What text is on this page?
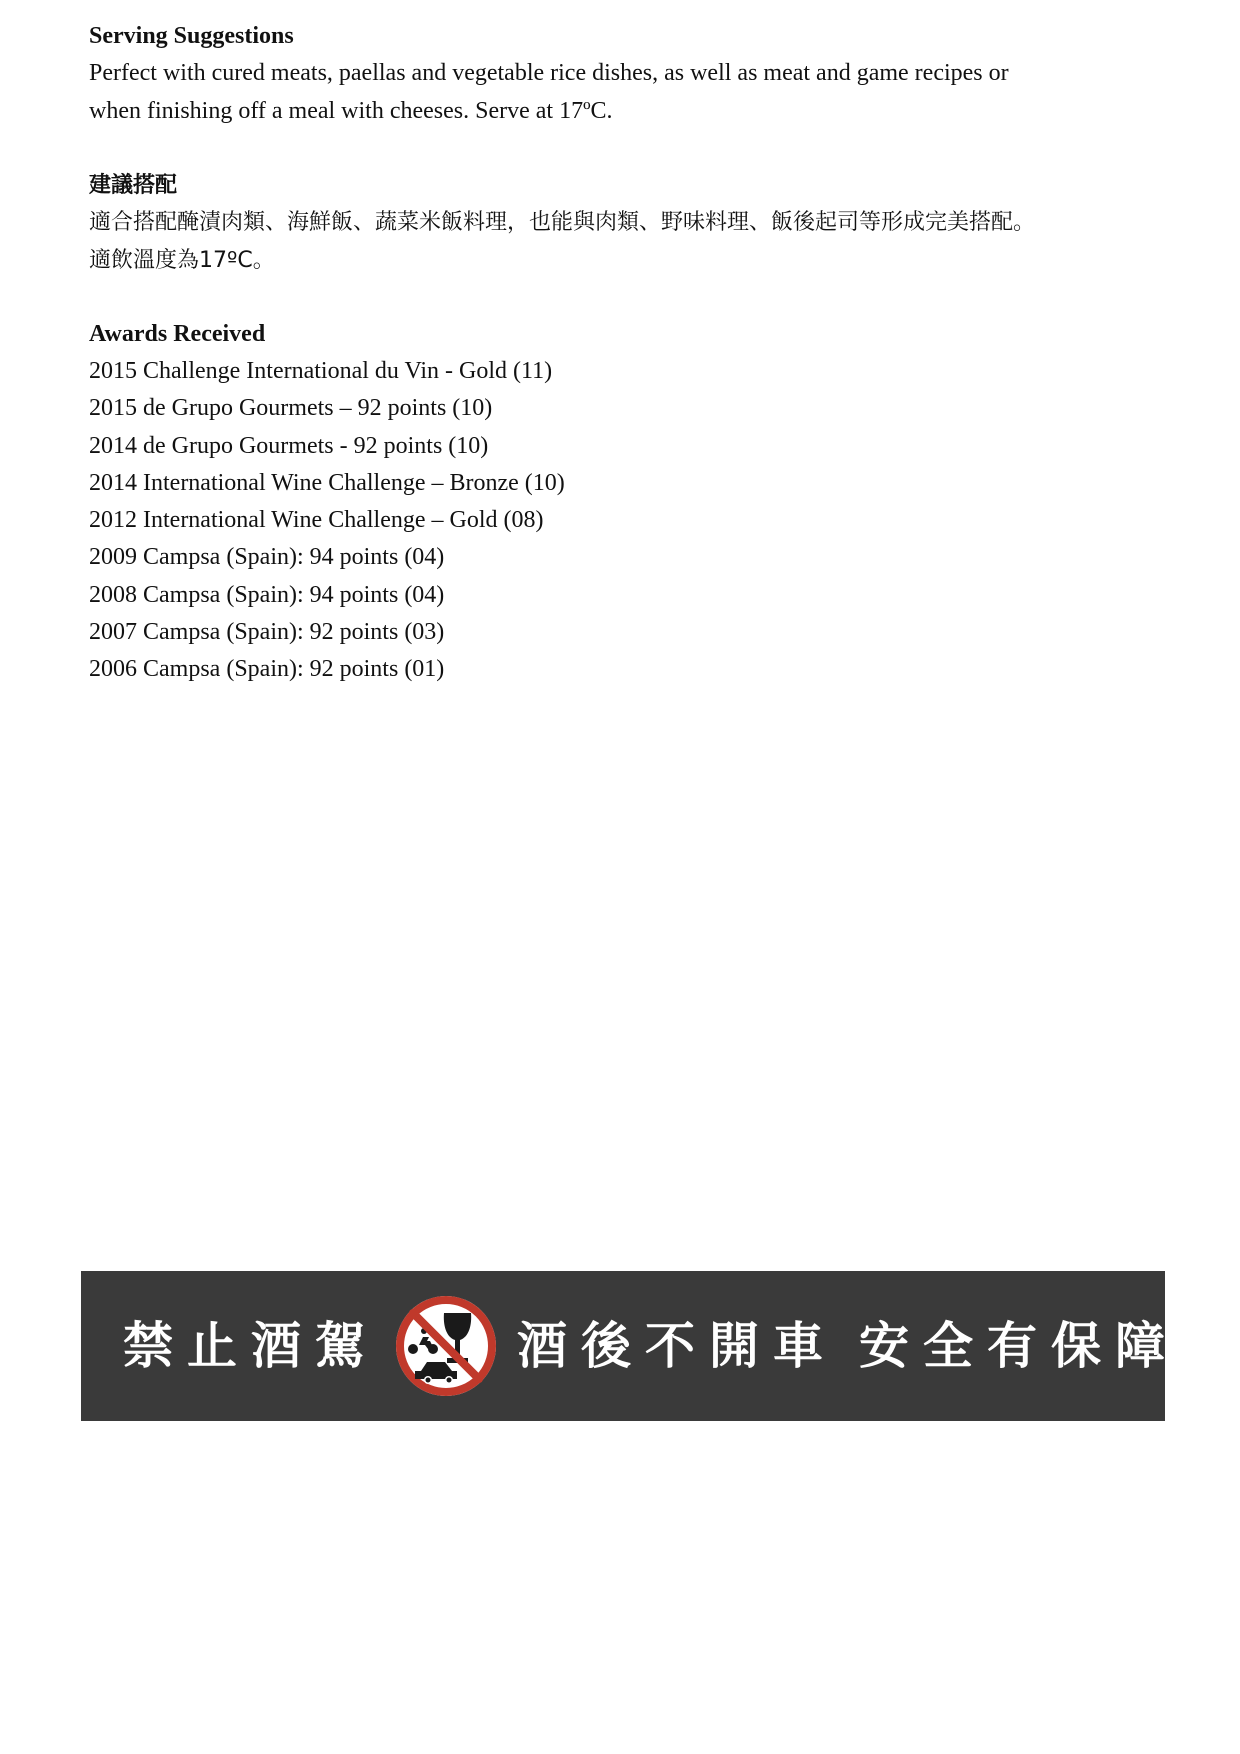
Serving Suggestions

Perfect with cured meats, paellas and vegetable rice dishes, as well as meat and game recipes or

when finishing off a meal with cheeses. Serve at 17ºC.

建議搭配

適合搭配醃漬肉類、海鮮飯、蔬菜米飯料理，也能與肉類、野味料理、飯後起司等形成完美搭配。

適飲溫度為17ºC。

Awards Received
2015 Challenge International du Vin - Gold (11)
2015 de Grupo Gourmets – 92 points (10)
2014 de Grupo Gourmets - 92 points (10)
2014 International Wine Challenge – Bronze (10)
2012 International Wine Challenge – Gold (08)
2009 Campsa (Spain): 94 points (04)
2008 Campsa (Spain): 94 points (04)
2007 Campsa (Spain): 92 points (03)
2006 Campsa (Spain): 92 points (01)
禁止酒駕	酒後不開車 安全有保障
